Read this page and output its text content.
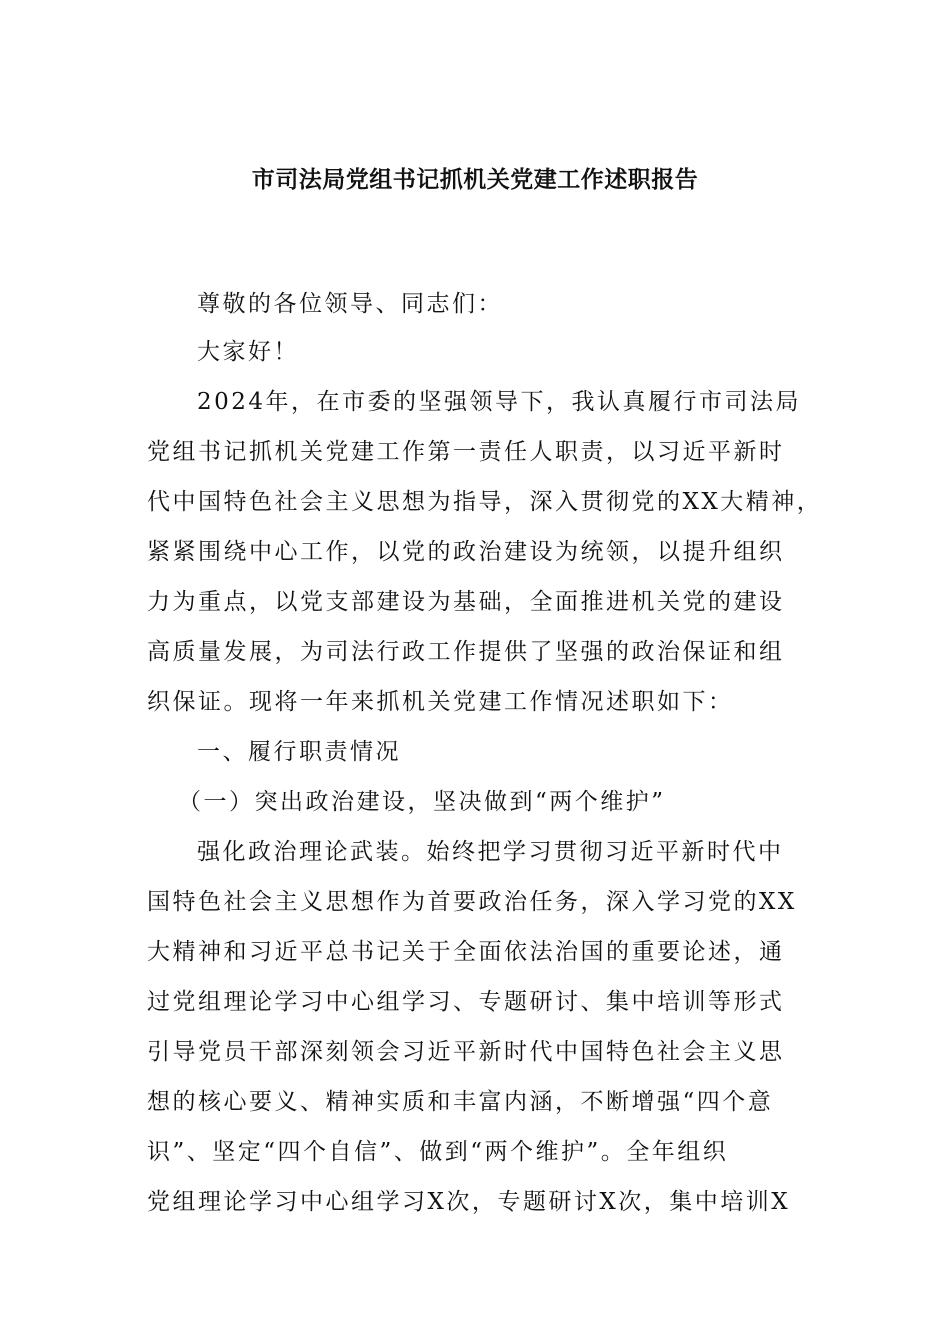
市司法局党组书记抓机关党建工作述职报告

尊敬的各位领导、同志们：

大家好！

2024年，在市委的坚强领导下，我认真履行市司法局

党组书记抓机关党建工作第一责任人职责，以习近平新时

代中国特色社会主义思想为指导，深入贯彻党的XX大精神，

紧紧围绕中心工作，以党的政治建设为统领，以提升组织

力为重点，以党支部建设为基础，全面推进机关党的建设

高质量发展，为司法行政工作提供了坚强的政治保证和组

织保证。现将一年来抓机关党建工作情况述职如下：

一、履行职责情况

（一）突出政治建设，坚决做到“两个维护”

强化政治理论武装。始终把学习贯彻习近平新时代中

国特色社会主义思想作为首要政治任务，深入学习党的XX

大精神和习近平总书记关于全面依法治国的重要论述，通

过党组理论学习中心组学习、专题研讨、集中培训等形式

引导党员干部深刻领会习近平新时代中国特色社会主义思

想的核心要义、精神实质和丰富内涵，不断增强“四个意

识”、坚定“四个自信”、做到“两个维护”。全年组织

党组理论学习中心组学习X次，专题研讨X次，集中培训X
